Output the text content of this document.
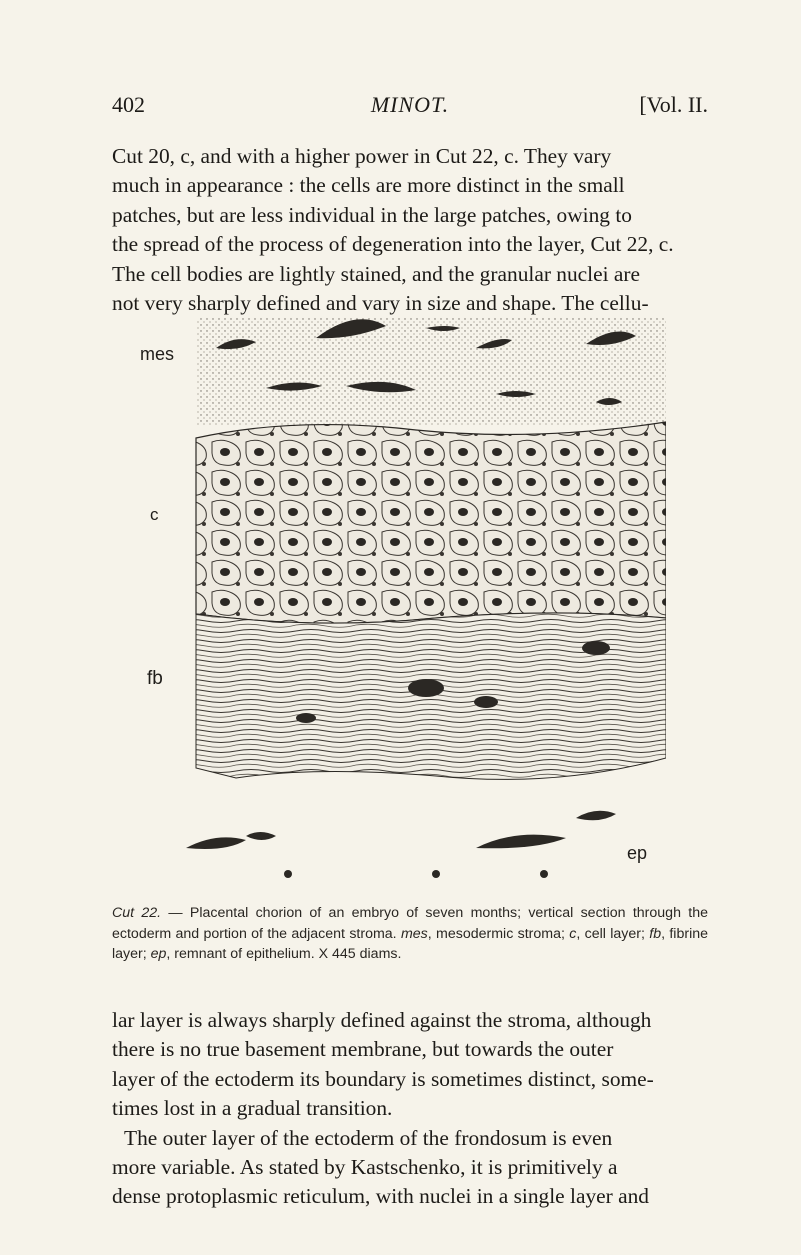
402	MINOT.	[Vol. II.

Cut 20, c, and with a higher power in Cut 22, c. They vary

much in appearance : the cells are more distinct in the small

patches, but are less individual in the large patches, owing to

the spread of the process of degeneration into the layer, Cut 22, c.

The cell bodies are lightly stained, and the granular nuclei are

not very sharply defined and vary in size and shape. The cellu-

mes
c
fb
ep
Cut 22. — Placental chorion of an embryo of seven months; vertical section through the ectoderm and portion of the adjacent stroma. mes, mesodermic stroma; c, cell layer; fb, fibrine layer; ep, remnant of epithelium. X 445 diams.

lar layer is always sharply defined against the stroma, although

there is no true basement membrane, but towards the outer

layer of the ectoderm its boundary is sometimes distinct, some-

times lost in a gradual transition.

The outer layer of the ectoderm of the frondosum is even

more variable. As stated by Kastschenko, it is primitively a

dense protoplasmic reticulum, with nuclei in a single layer and
